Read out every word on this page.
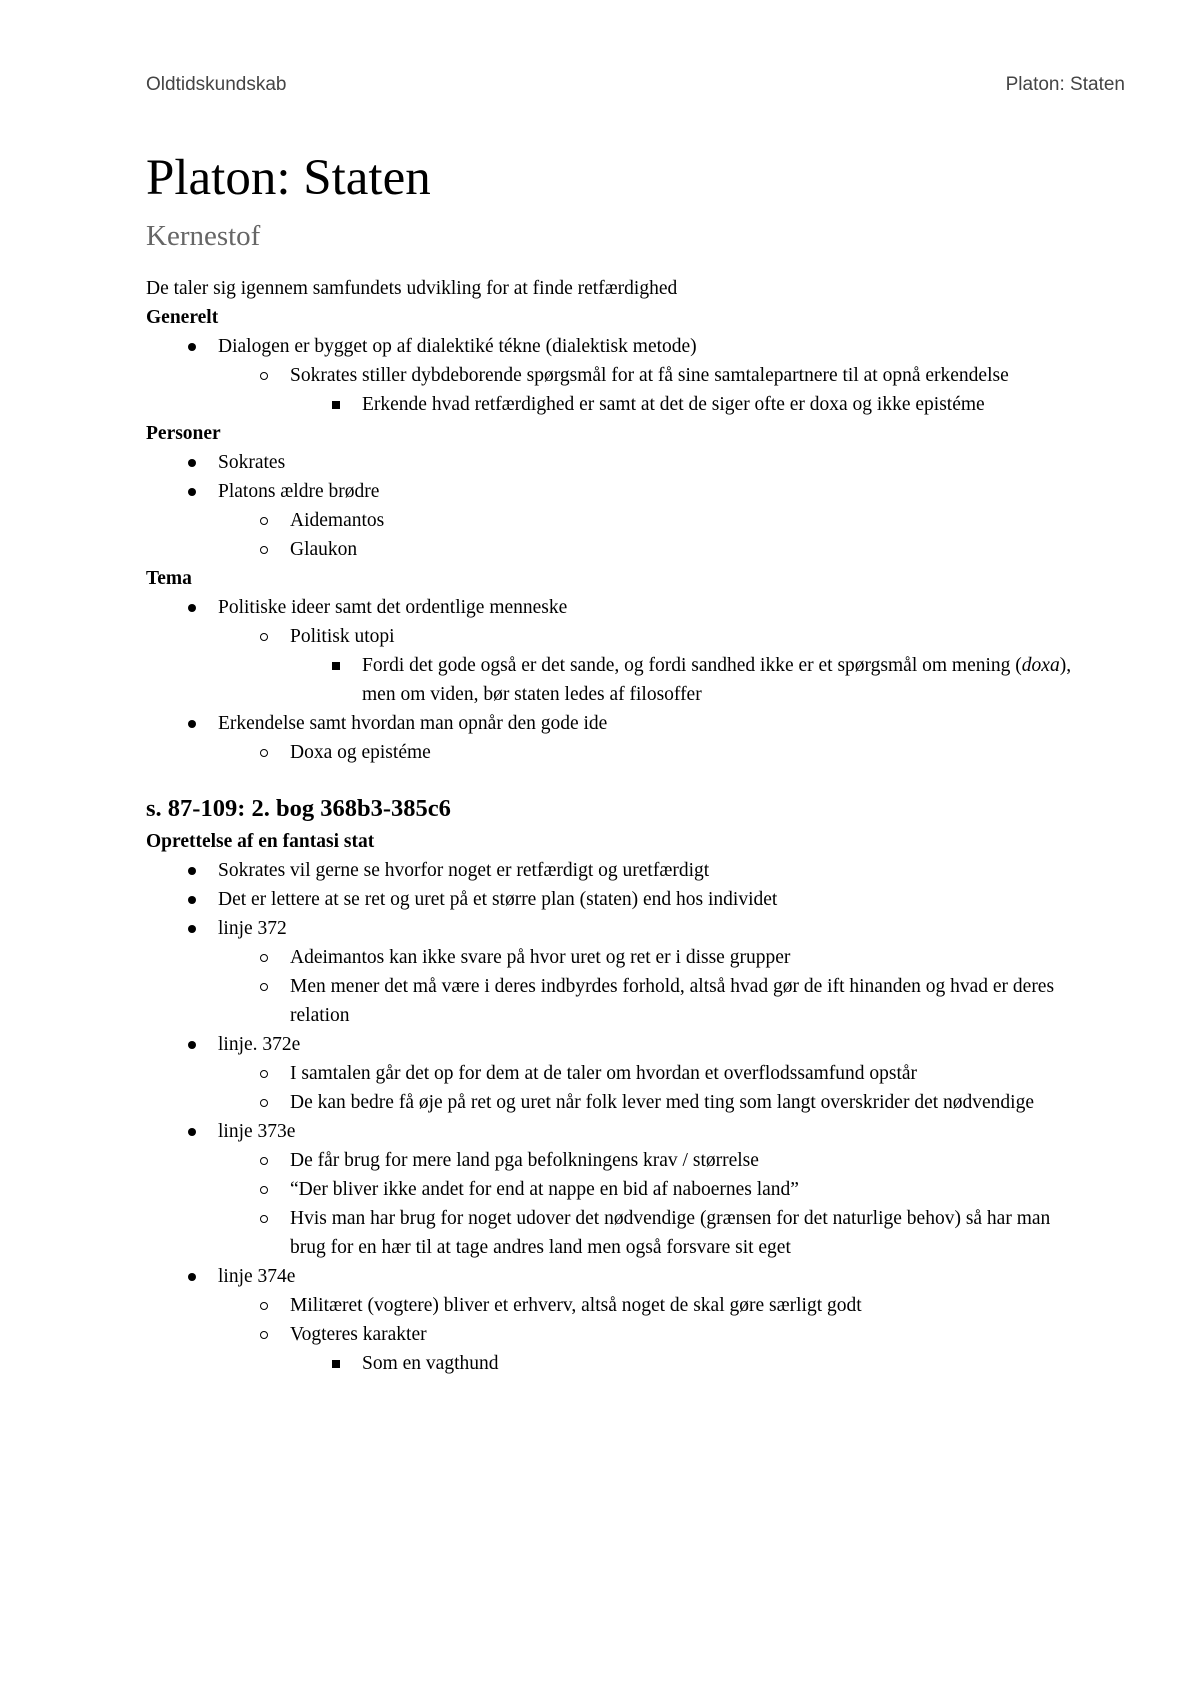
Oldtidskundskab	Platon: Staten
Platon: Staten
Kernestof

De taler sig igennem samfundets udvikling for at finde retfærdighed

Generelt

Dialogen er bygget op af dialektiké tékne (dialektisk metode)
Sokrates stiller dybdeborende spørgsmål for at få sine samtalepartnere til at opnå erkendelse
Erkende hvad retfærdighed er samt at det de siger ofte er doxa og ikke epistéme

Personer

Sokrates
Platons ældre brødre
Aidemantos
Glaukon

Tema

Politiske ideer samt det ordentlige menneske
Politisk utopi
Fordi det gode også er det sande, og fordi sandhed ikke er et spørgsmål om mening (doxa), men om viden, bør staten ledes af filosoffer
Erkendelse samt hvordan man opnår den gode ide
Doxa og epistéme

s. 87-109: 2. bog 368b3-385c6

Oprettelse af en fantasi stat

Sokrates vil gerne se hvorfor noget er retfærdigt og uretfærdigt
Det er lettere at se ret og uret på et større plan (staten) end hos individet
linje 372
Adeimantos kan ikke svare på hvor uret og ret er i disse grupper
Men mener det må være i deres indbyrdes forhold, altså hvad gør de ift hinanden og hvad er deres relation
linje. 372e
I samtalen går det op for dem at de taler om hvordan et overflodssamfund opstår
De kan bedre få øje på ret og uret når folk lever med ting som langt overskrider det nødvendige
linje 373e
De får brug for mere land pga befolkningens krav / størrelse
“Der bliver ikke andet for end at nappe en bid af naboernes land”
Hvis man har brug for noget udover det nødvendige (grænsen for det naturlige behov) så har man brug for en hær til at tage andres land men også forsvare sit eget
linje 374e
Militæret (vogtere) bliver et erhverv, altså noget de skal gøre særligt godt
Vogteres karakter
Som en vagthund
